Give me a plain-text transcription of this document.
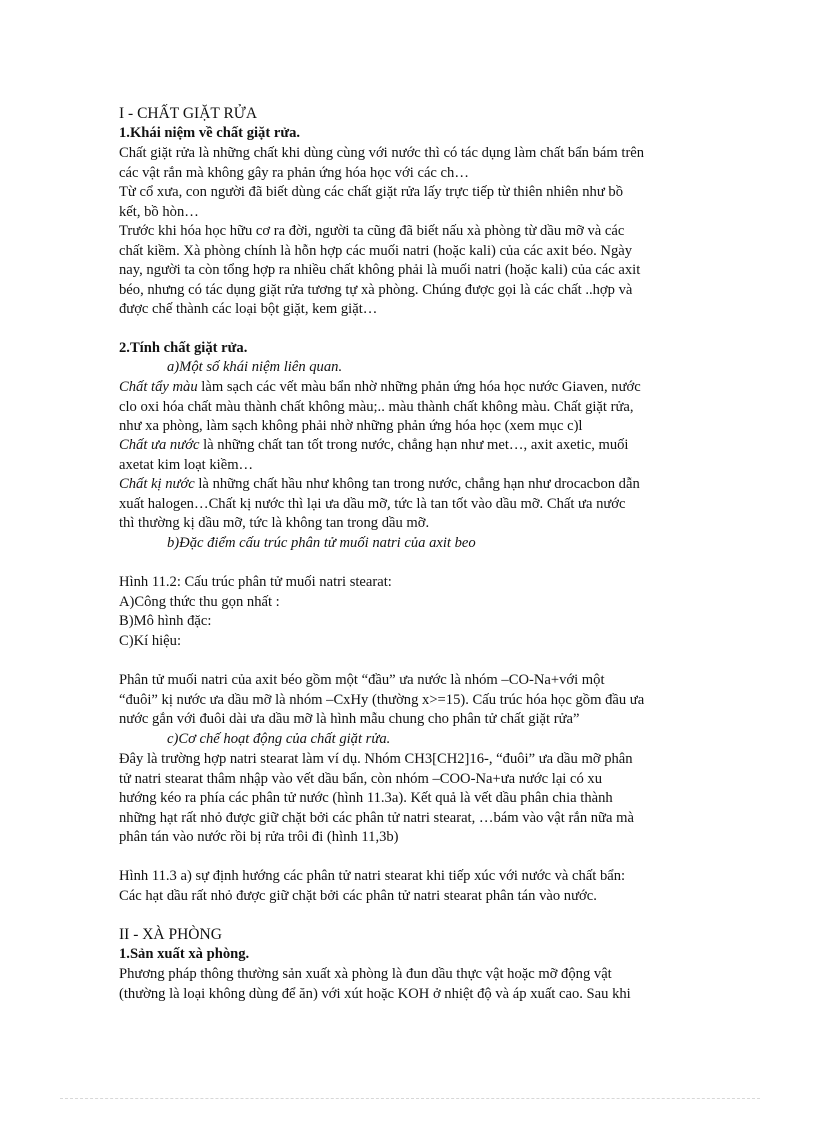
I - CHẤT GIẶT RỬA
1.Khái niệm về chất giặt rửa.
Chất giặt rửa là những chất khi dùng cùng với nước thì có tác dụng làm chất bẩn bám trên
các vật rắn mà không gây ra phản ứng hóa học với các ch…
Từ cổ xưa, con người đã biết dùng các chất giặt rửa lấy trực tiếp từ thiên nhiên như bồ
kết, bồ hòn…
Trước khi hóa học hữu cơ ra đời, người ta cũng đã biết nấu xà phòng từ dầu mỡ và các
chất kiềm. Xà phòng chính là hỗn hợp các muối natri (hoặc kali) của các axit béo. Ngày
nay, người ta còn tổng hợp ra nhiều chất không phải là muối natri (hoặc kali) của các axit
béo, nhưng có tác dụng giặt rửa tương tự xà phòng. Chúng được gọi là các chất ..hợp và
được chế thành các loại bột giặt, kem giặt…
2.Tính chất giặt rửa.
a)Một số khái niệm liên quan.
Chất tẩy màu làm sạch các vết màu bẩn nhờ những phản ứng hóa học nước Giaven, nước
clo oxi hóa chất màu thành chất không màu;.. màu thành chất không màu. Chất giặt rửa,
như xa phòng, làm sạch không phải nhờ những phản ứng hóa học (xem mục c)l
Chất ưa nước là những chất tan tốt trong nước, chẳng hạn như met…, axit axetic, muối
axetat kim loạt kiềm…
Chất kị nước là những chất hầu như không tan trong nước, chẳng hạn như drocacbon dẫn
xuất halogen…Chất kị nước thì lại ưa dầu mỡ, tức là tan tốt vào dầu mỡ. Chất ưa nước
thì thường kị dầu mỡ, tức là không tan trong dầu mỡ.
b)Đặc điểm cấu trúc phân tử muối natri của axit beo
Hình 11.2: Cấu trúc phân tử muối natri stearat:
A)Công thức thu gọn nhất :
B)Mô hình đặc:
C)Kí hiệu:
Phân tử muối natri của axit béo gồm một “đầu” ưa nước là nhóm –CO-Na+với một
“đuôi” kị nước ưa dầu mỡ là nhóm –CxHy (thường x>=15). Cấu trúc hóa học gồm đầu ưa
nước gắn với đuôi dài ưa dầu mỡ là hình mẫu chung cho phân tử chất giặt rửa”
c)Cơ chế hoạt động của chất giặt rửa.
Đây là trường hợp natri stearat làm ví dụ. Nhóm CH3[CH2]16-, “đuôi” ưa dầu mỡ phân
tử natri stearat thâm nhập vào vết dầu bẩn, còn nhóm –COO-Na+ưa nước lại có xu
hướng kéo ra phía các phân tử nước (hình 11.3a). Kết quả là vết dầu phân chia thành
những hạt rất nhỏ được giữ chặt bởi các phân tử natri stearat, …bám vào vật rắn nữa mà
phân tán vào nước rồi bị rửa trôi đi (hình 11,3b)
Hình 11.3 a) sự định hướng các phân tử natri stearat khi tiếp xúc với nước và chất bẩn:
Các hạt dầu rất nhỏ được giữ chặt bởi các phân tử natri stearat phân tán vào nước.
II - XÀ PHÒNG
1.Sản xuất xà phòng.
Phương pháp thông thường sản xuất xà phòng là đun dầu thực vật hoặc mỡ động vật
(thường là loại không dùng để ăn) với xút hoặc KOH ở nhiệt độ và áp xuất cao. Sau khi
